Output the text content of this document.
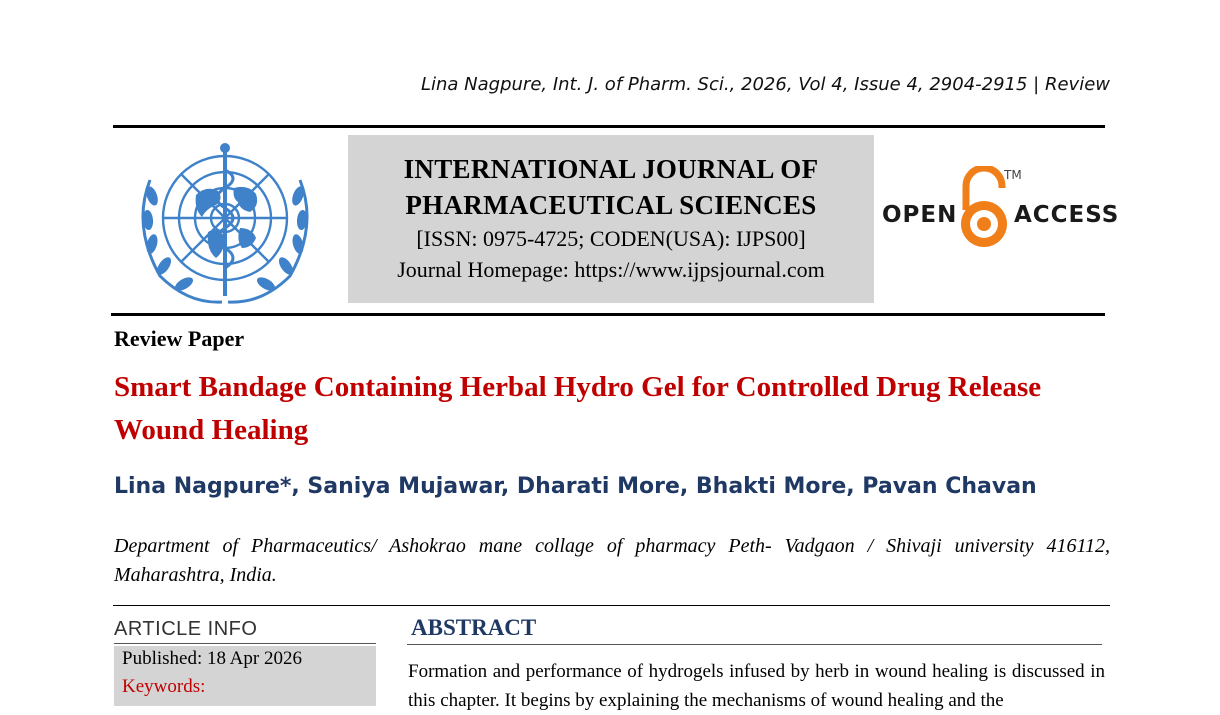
Lina Nagpure, Int. J. of Pharm. Sci., 2026, Vol 4, Issue 4, 2904-2915 | Review
INTERNATIONAL JOURNAL OF
PHARMACEUTICAL SCIENCES
[ISSN: 0975-4725; CODEN(USA): IJPS00]
Journal Homepage: https://www.ijpsjournal.com
OPEN
TM
ACCESS
Review Paper
Smart Bandage Containing Herbal Hydro Gel for Controlled Drug Release Wound Healing
Lina Nagpure*, Saniya Mujawar, Dharati More, Bhakti More, Pavan Chavan
Department of Pharmaceutics/ Ashokrao mane collage of pharmacy Peth- Vadgaon / Shivaji university 416112, Maharashtra, India.
ARTICLE INFO
Published: 18 Apr 2026
Keywords:
ABSTRACT
Formation and performance of hydrogels infused by herb in wound healing is discussed in this chapter. It begins by explaining the mechanisms of wound healing and the
